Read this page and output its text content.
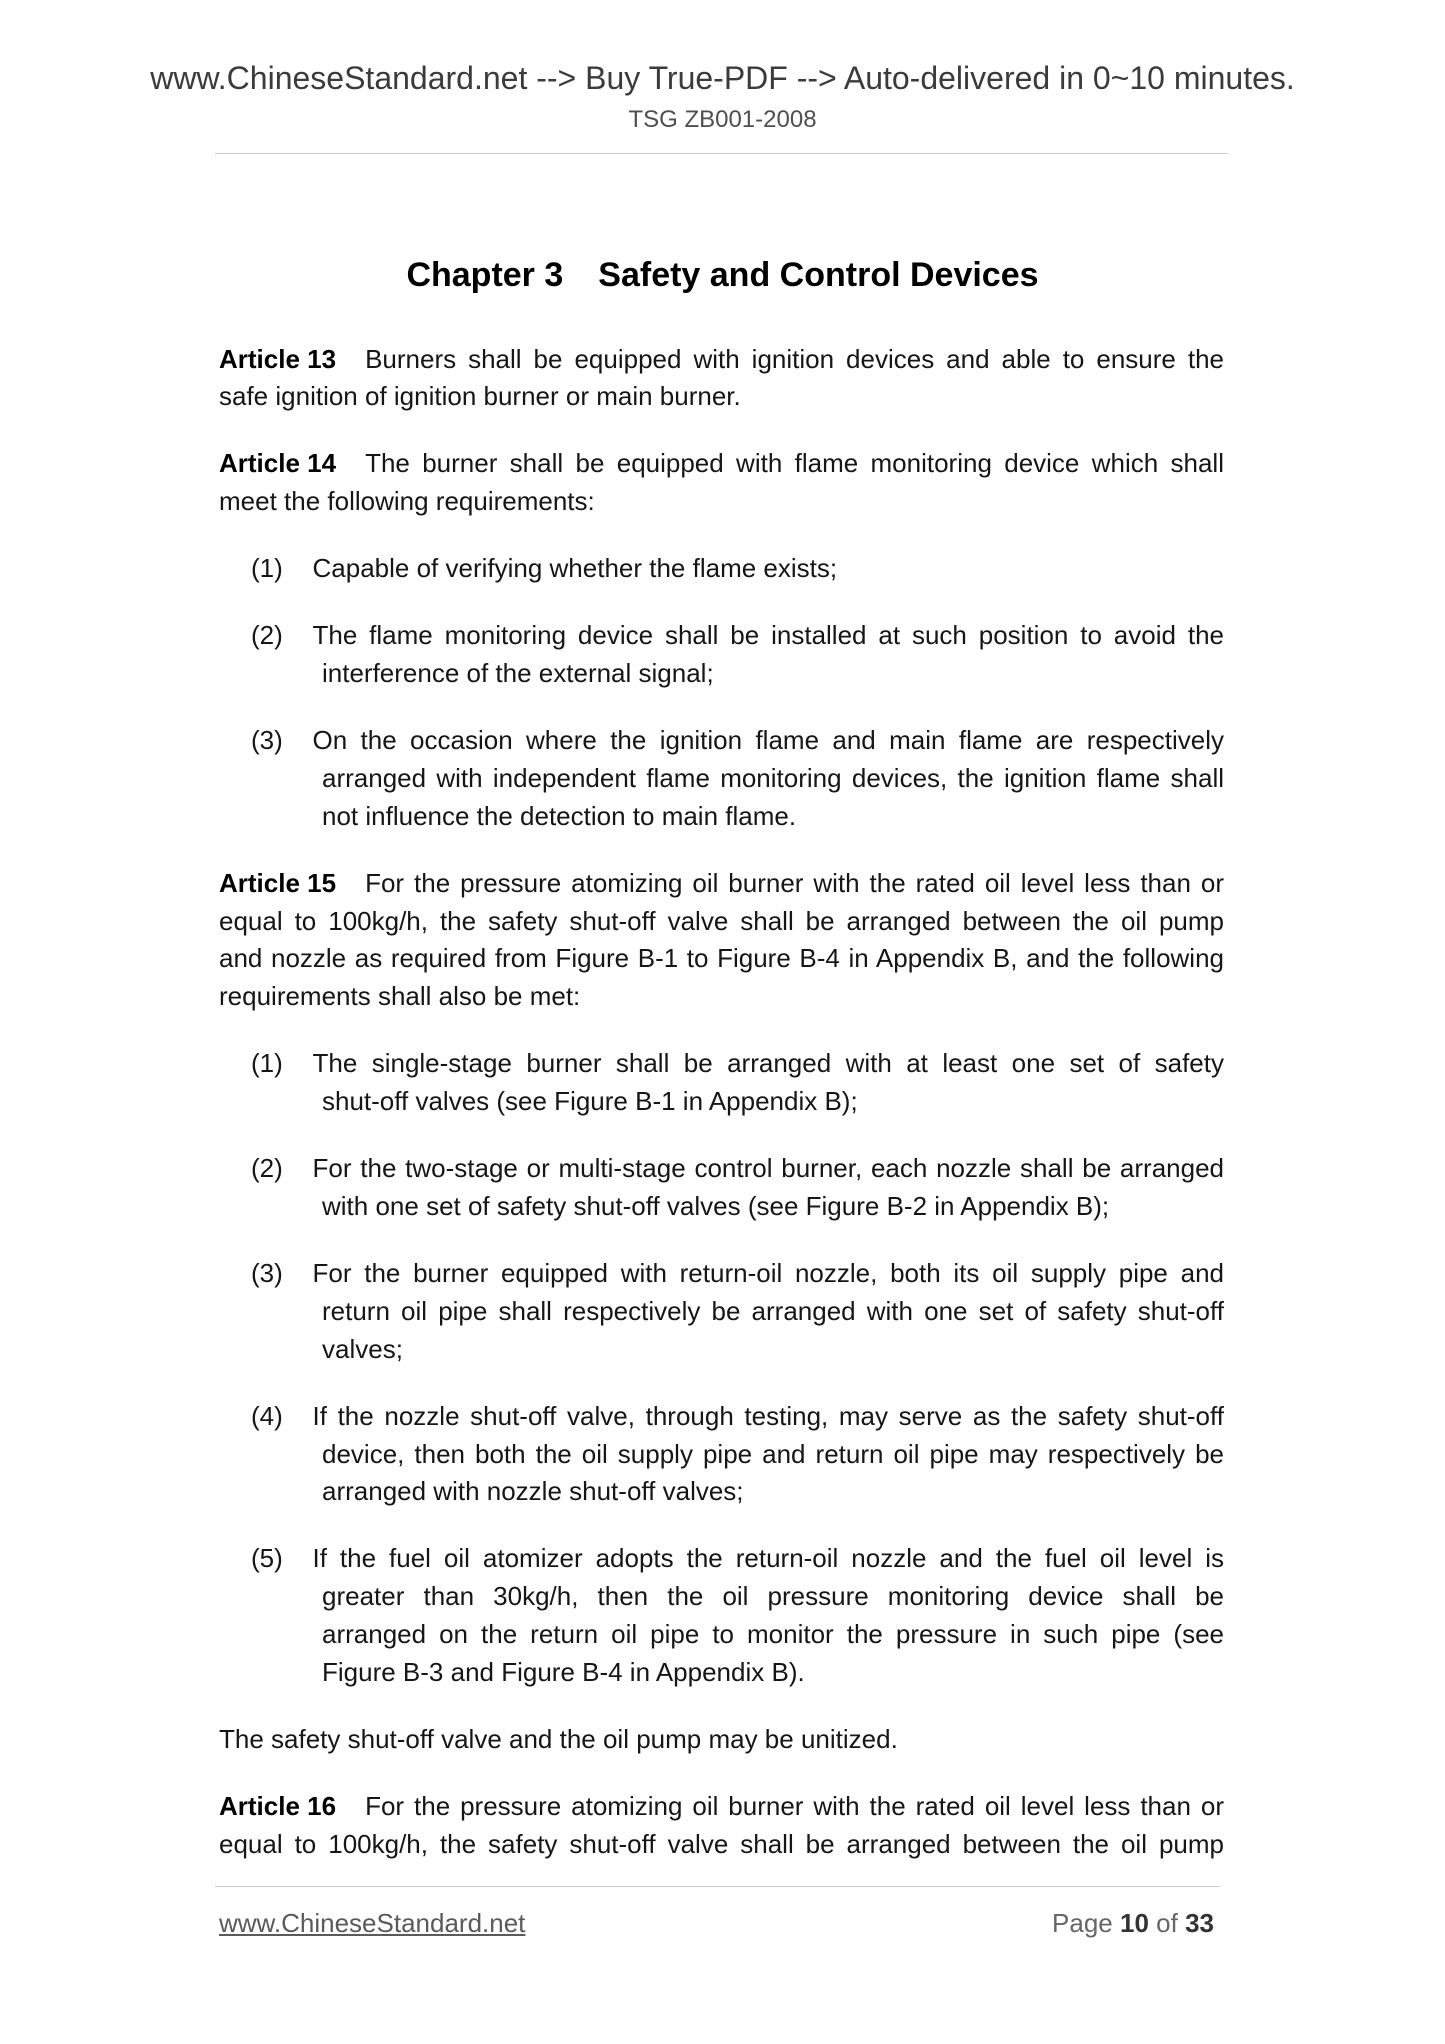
www.ChineseStandard.net --> Buy True-PDF --> Auto-delivered in 0~10 minutes.
TSG ZB001-2008
Chapter 3 Safety and Control Devices
Article 13 Burners shall be equipped with ignition devices and able to ensure the
safe ignition of ignition burner or main burner.
Article 14 The burner shall be equipped with flame monitoring device which shall
meet the following requirements:
(1) Capable of verifying whether the flame exists;
(2) The flame monitoring device shall be installed at such position to avoid the
interference of the external signal;
(3) On the occasion where the ignition flame and main flame are respectively
arranged with independent flame monitoring devices, the ignition flame shall
not influence the detection to main flame.
Article 15 For the pressure atomizing oil burner with the rated oil level less than or
equal to 100kg/h, the safety shut-off valve shall be arranged between the oil pump
and nozzle as required from Figure B-1 to Figure B-4 in Appendix B, and the following
requirements shall also be met:
(1) The single-stage burner shall be arranged with at least one set of safety
shut-off valves (see Figure B-1 in Appendix B);
(2) For the two-stage or multi-stage control burner, each nozzle shall be arranged
with one set of safety shut-off valves (see Figure B-2 in Appendix B);
(3) For the burner equipped with return-oil nozzle, both its oil supply pipe and
return oil pipe shall respectively be arranged with one set of safety shut-off
valves;
(4) If the nozzle shut-off valve, through testing, may serve as the safety shut-off
device, then both the oil supply pipe and return oil pipe may respectively be
arranged with nozzle shut-off valves;
(5) If the fuel oil atomizer adopts the return-oil nozzle and the fuel oil level is
greater than 30kg/h, then the oil pressure monitoring device shall be
arranged on the return oil pipe to monitor the pressure in such pipe (see
Figure B-3 and Figure B-4 in Appendix B).
The safety shut-off valve and the oil pump may be unitized.
Article 16 For the pressure atomizing oil burner with the rated oil level less than or
equal to 100kg/h, the safety shut-off valve shall be arranged between the oil pump
www.ChineseStandard.net	Page 10 of 33
